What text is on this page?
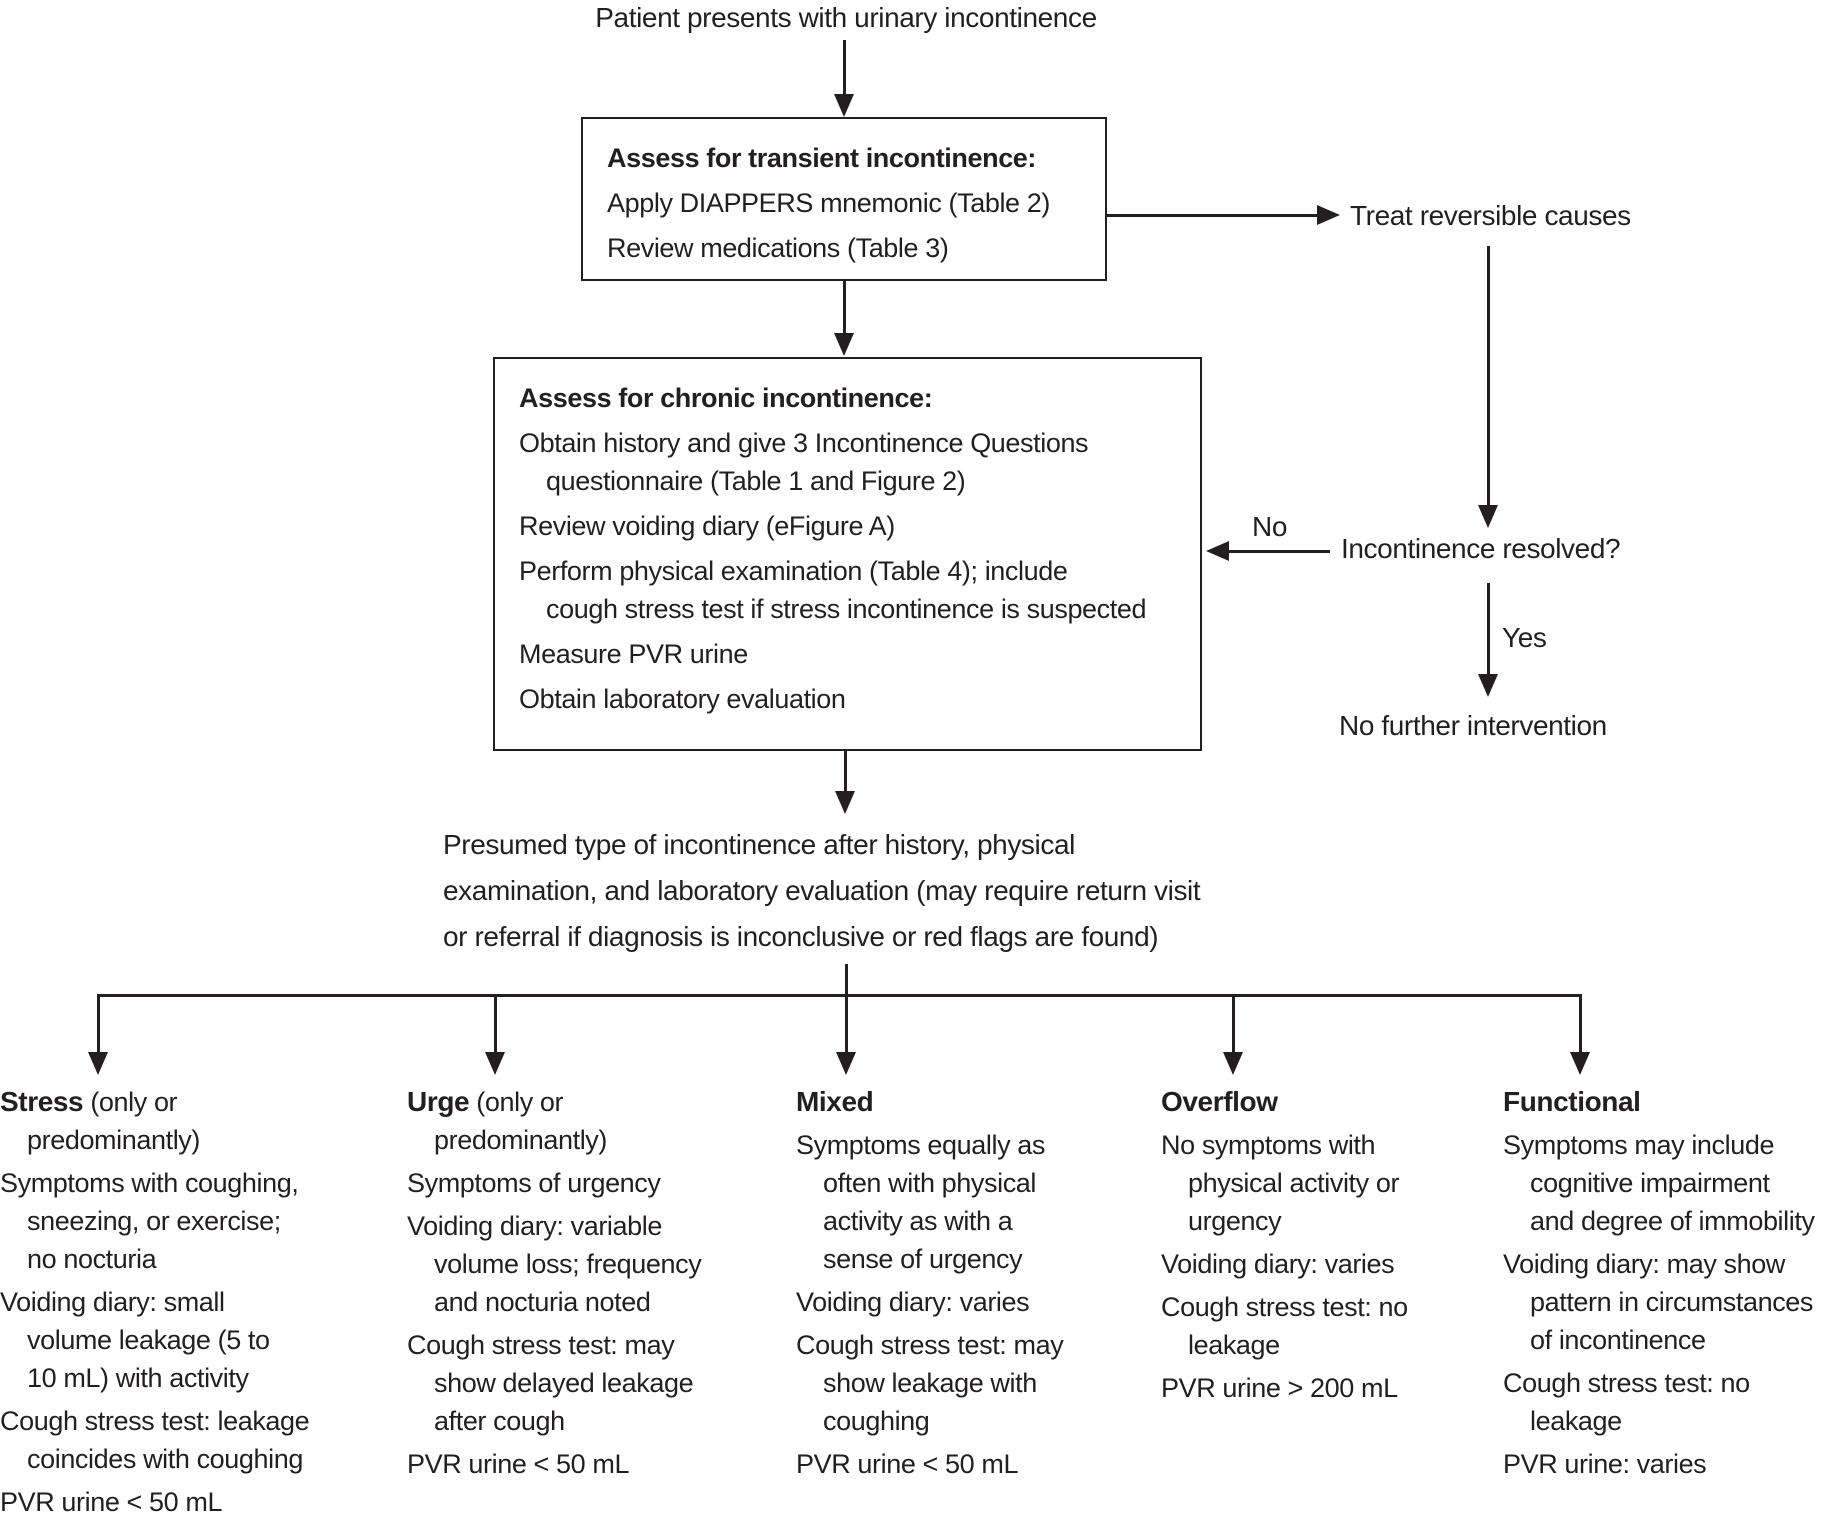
Patient presents with urinary incontinence
Assess for transient incontinence:
Apply DIAPPERS mnemonic (Table 2)
Review medications (Table 3)
Treat reversible causes
Incontinence resolved?
No
Yes
No further intervention
Assess for chronic incontinence:
Obtain history and give 3 Incontinence Questions
questionnaire (Table 1 and Figure 2)
Review voiding diary (eFigure A)
Perform physical examination (Table 4); include
cough stress test if stress incontinence is suspected
Measure PVR urine
Obtain laboratory evaluation
Presumed type of incontinence after history, physical
examination, and laboratory evaluation (may require return visit
or referral if diagnosis is inconclusive or red flags are found)
Stress (only or
predominantly)
Symptoms with coughing,
sneezing, or exercise;
no nocturia
Voiding diary: small
volume leakage (5 to
10 mL) with activity
Cough stress test: leakage
coincides with coughing
PVR urine < 50 mL
Urge (only or
predominantly)
Symptoms of urgency
Voiding diary: variable
volume loss; frequency
and nocturia noted
Cough stress test: may
show delayed leakage
after cough
PVR urine < 50 mL
Mixed
Symptoms equally as
often with physical
activity as with a
sense of urgency
Voiding diary: varies
Cough stress test: may
show leakage with
coughing
PVR urine < 50 mL
Overflow
No symptoms with
physical activity or
urgency
Voiding diary: varies
Cough stress test: no
leakage
PVR urine > 200 mL
Functional
Symptoms may include
cognitive impairment
and degree of immobility
Voiding diary: may show
pattern in circumstances
of incontinence
Cough stress test: no
leakage
PVR urine: varies
